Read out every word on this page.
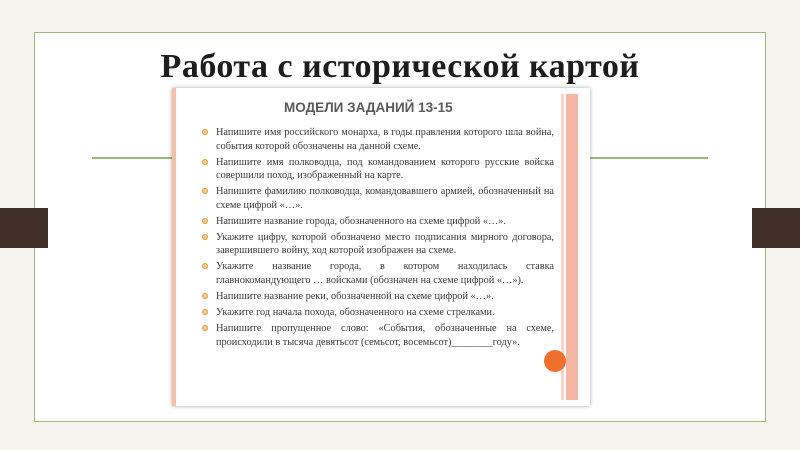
Работа с исторической картой
МОДЕЛИ ЗАДАНИЙ 13-15
Напишите имя российского монарха, в годы правления которого шла война, события которой обозначены на данной схеме.
Напишите имя полководца, под командованием которого русские войска совершили поход, изображенный на карте.
Напишите фамилию полководца, командовавшего армией, обозначенный на схеме цифрой «…».
Напишите название города, обозначенного на схеме цифрой «…».
Укажите цифру, которой обозначено место подписания мирного договора, завершившего войну, ход которой изображен на схеме.
Укажите название города, в котором находилась ставка главнокомандующего … войсками (обозначен на схеме цифрой «…»).
Напишите название реки, обозначенной на схеме цифрой «…».
Укажите год начала похода, обозначенного на схеме стрелками.
Напишите пропущенное слово: «События, обозначенные на схеме, происходили в тысяча девятьсот (семьсот, восемьсот)________году».
